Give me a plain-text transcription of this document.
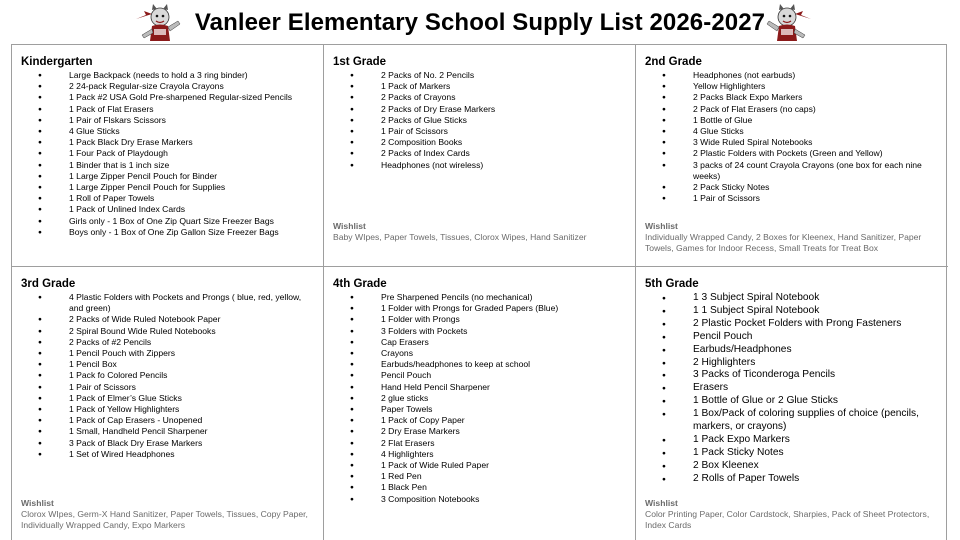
Vanleer Elementary School Supply List 2026-2027
Kindergarten
● Large Backpack (needs to hold a 3 ring binder)
● 2 24-pack Regular-size Crayola Crayons
● 1 Pack #2 USA Gold Pre-sharpened Regular-sized Pencils
● 1 Pack of Flat Erasers
● 1 Pair of Flskars Scissors
● 4 Glue Sticks
● 1 Pack Black Dry Erase Markers
● 1 Four Pack of Playdough
● 1 Binder that is 1 inch size
● 1 Large Zipper Pencil Pouch for Binder
● 1 Large Zipper Pencil Pouch for Supplies
● 1 Roll of Paper Towels
● 1 Pack of Unlined Index Cards
● Girls only - 1 Box of One Zip Quart Size Freezer Bags
● Boys only - 1 Box of One Zip Gallon Size Freezer Bags
1st Grade
● 2 Packs of No. 2 Pencils
● 1 Pack of Markers
● 2 Packs of Crayons
● 2 Packs of Dry Erase Markers
● 2 Packs of Glue Sticks
● 1 Pair of Scissors
● 2 Composition Books
● 2 Packs of Index Cards
● Headphones (not wireless)
Wishlist
Baby WIpes, Paper Towels, Tissues, Clorox Wipes, Hand Sanitizer
2nd Grade
● Headphones (not earbuds)
● Yellow Highlighters
● 2 Packs Black Expo Markers
● 2 Pack of Flat Erasers (no caps)
● 1 Bottle of Glue
● 4 Glue Sticks
● 3 Wide Ruled Spiral Notebooks
● 2 Plastic Folders with Pockets (Green and Yellow)
● 3 packs of 24 count Crayola Crayons (one box for each nine weeks)
● 2 Pack Sticky Notes
● 1 Pair of Scissors
Wishlist
Individually Wrapped Candy, 2 Boxes for Kleenex, Hand Sanitizer, Paper Towels, Games for Indoor Recess, Small Treats for Treat Box
3rd Grade
● 4 Plastic Folders with Pockets and Prongs ( blue, red, yellow, and green)
● 2 Packs of Wide Ruled Notebook Paper
● 2 Spiral Bound Wide Ruled Notebooks
● 2 Packs of #2 Pencils
● 1 Pencil Pouch with Zippers
● 1 Pencil Box
● 1 Pack fo Colored Pencils
● 1 Pair of Scissors
● 1 Pack of Elmer’s Glue Sticks
● 1 Pack of Yellow Highlighters
● 1 Pack of Cap Erasers - Unopened
● 1 Small, Handheld Pencil Sharpener
● 3 Pack of Black Dry Erase Markers
● 1 Set of Wired Headphones
Wishlist
Clorox WIpes, Germ-X Hand Sanitizer, Paper Towels, Tissues, Copy Paper, Individually Wrapped Candy, Expo Markers
4th Grade
● Pre Sharpened Pencils (no mechanical)
● 1 Folder with Prongs for Graded Papers (Blue)
● 1 Folder with Prongs
● 3 Folders with Pockets
● Cap Erasers
● Crayons
● Earbuds/headphones to keep at school
● Pencil Pouch
● Hand Held Pencil Sharpener
● 2 glue sticks
● Paper Towels
● 1 Pack of Copy Paper
● 2 Dry Erase Markers
● 2 Flat Erasers
● 4 Highlighters
● 1 Pack of Wide Ruled Paper
● 1 Red Pen
● 1 Black Pen
● 3 Composition Notebooks
5th Grade
● 1 3 Subject Spiral Notebook
● 1 1 Subject Spiral Notebook
● 2 Plastic Pocket Folders with Prong Fasteners
● Pencil Pouch
● Earbuds/Headphones
● 2 Highlighters
● 3 Packs of Ticonderoga Pencils
● Erasers
● 1 Bottle of Glue or 2 Glue Sticks
● 1 Box/Pack of coloring supplies of choice (pencils, markers, or crayons)
● 1 Pack Expo Markers
● 1 Pack Sticky Notes
● 2 Box Kleenex
● 2 Rolls of Paper Towels
Wishlist
Color Printing Paper, Color Cardstock, Sharpies, Pack of Sheet Protectors, Index Cards
